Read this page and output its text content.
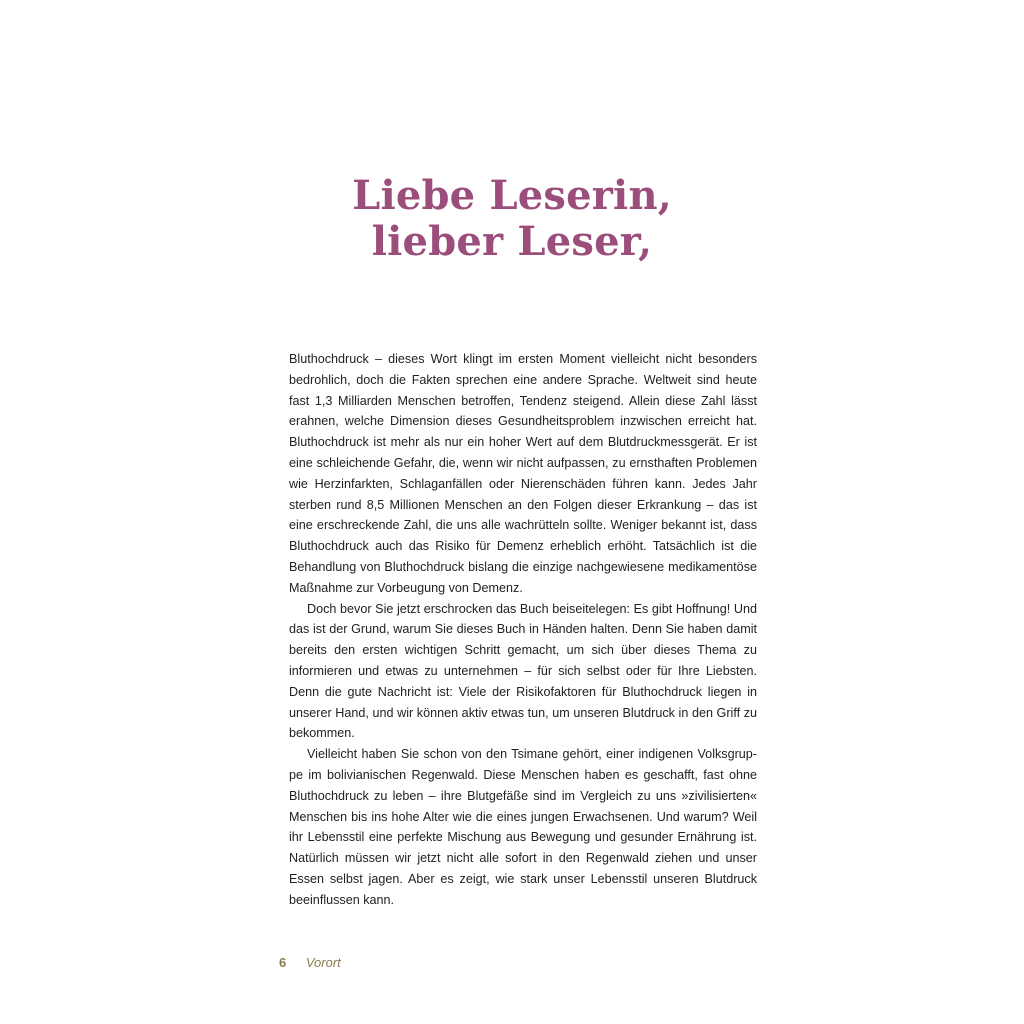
Liebe Leserin,
lieber Leser,

Bluthochdruck – dieses Wort klingt im ersten Moment vielleicht nicht besonders bedrohlich, doch die Fakten sprechen eine andere Sprache. Weltweit sind heute fast 1,3 Milliarden Menschen betroffen, Tendenz steigend. Allein diese Zahl lässt erahnen, welche Dimension dieses Gesundheitsproblem inzwischen erreicht hat. Bluthochdruck ist mehr als nur ein hoher Wert auf dem Blutdruckmessgerät. Er ist eine schleichende Gefahr, die, wenn wir nicht aufpassen, zu ernsthaften Problemen wie Herzinfarkten, Schlaganfällen oder Nierenschäden führen kann. Jedes Jahr sterben rund 8,5 Millionen Menschen an den Folgen dieser Erkrankung – das ist eine erschreckende Zahl, die uns alle wachrütteln sollte. Weniger bekannt ist, dass Bluthochdruck auch das Risiko für Demenz erheblich erhöht. Tatsächlich ist die Behandlung von Bluthochdruck bislang die einzige nachgewiesene medikamentöse Maßnahme zur Vorbeugung von Demenz.

Doch bevor Sie jetzt erschrocken das Buch beiseitelegen: Es gibt Hoffnung! Und das ist der Grund, warum Sie dieses Buch in Händen halten. Denn Sie haben damit bereits den ersten wichtigen Schritt gemacht, um sich über dieses Thema zu informieren und etwas zu unternehmen – für sich selbst oder für Ihre Liebsten. Denn die gute Nachricht ist: Viele der Risikofaktoren für Bluthochdruck liegen in unserer Hand, und wir können aktiv etwas tun, um unseren Blutdruck in den Griff zu bekommen.

Vielleicht haben Sie schon von den Tsimane gehört, einer indigenen Volksgruppe im bolivianischen Regenwald. Diese Menschen haben es geschafft, fast ohne Bluthochdruck zu leben – ihre Blutgefäße sind im Vergleich zu uns »zivilisierten« Menschen bis ins hohe Alter wie die eines jungen Erwachsenen. Und warum? Weil ihr Lebensstil eine perfekte Mischung aus Bewegung und gesunder Ernährung ist. Natürlich müssen wir jetzt nicht alle sofort in den Regenwald ziehen und unser Essen selbst jagen. Aber es zeigt, wie stark unser Lebensstil unseren Blutdruck beeinflussen kann.

6 Vorort
